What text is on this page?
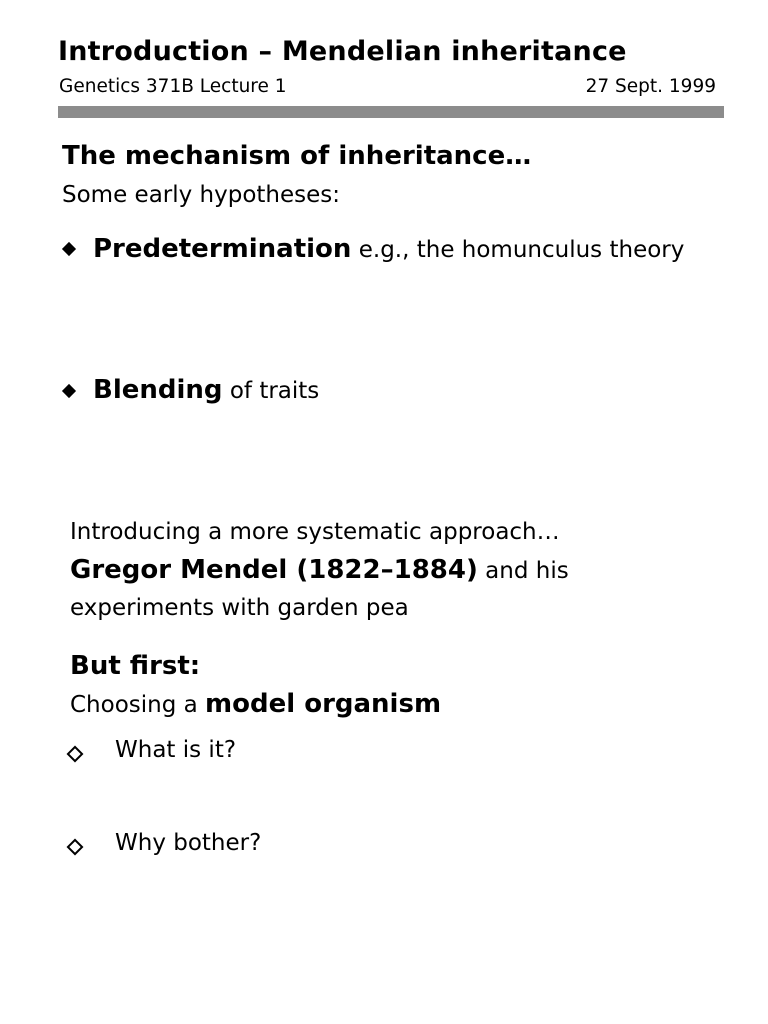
Introduction – Mendelian inheritance
Genetics 371B Lecture 1	27 Sept. 1999
The mechanism of inheritance…
Some early hypotheses:
Predetermination e.g., the homunculus theory
Blending of traits
Introducing a more systematic approach…
Gregor Mendel (1822–1884) and his
experiments with garden pea
But first:
Choosing a model organism
What is it?
Why bother?
